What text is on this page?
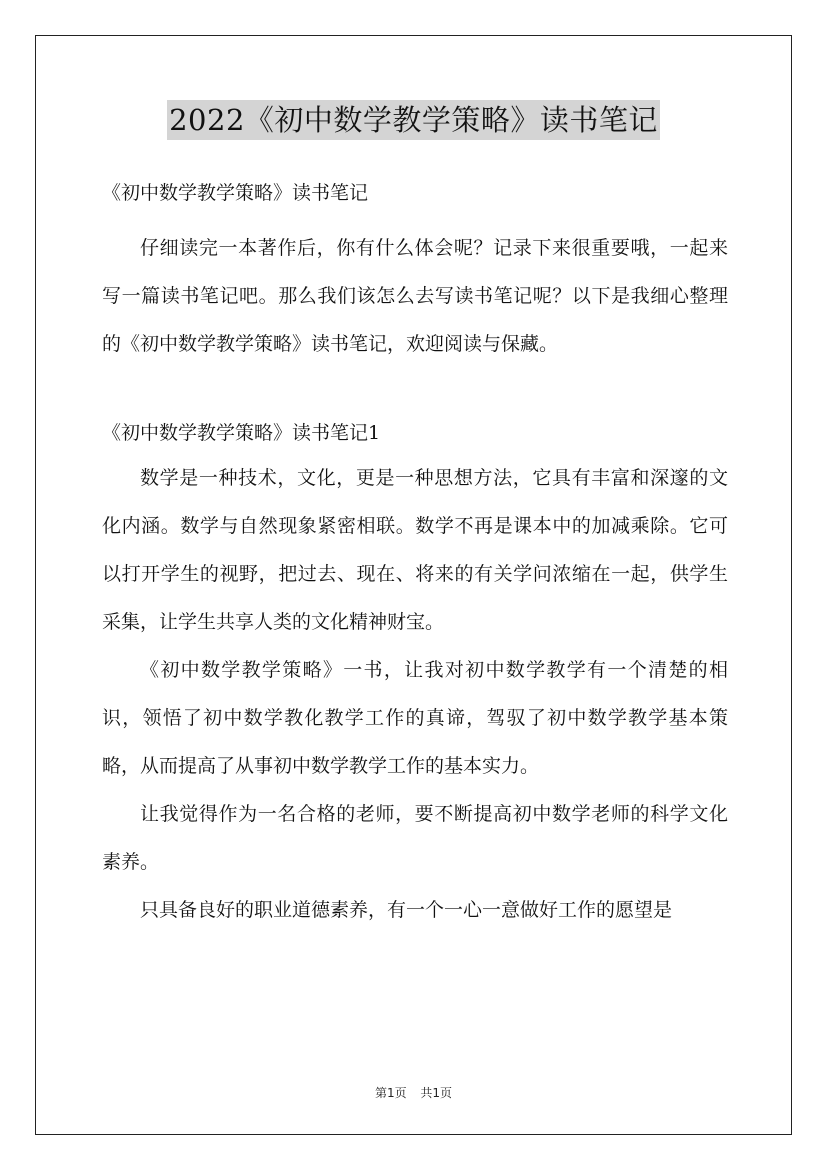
2022《初中数学教学策略》读书笔记

《初中数学教学策略》读书笔记

仔细读完一本著作后，你有什么体会呢？记录下来很重要哦，一起来写一篇读书笔记吧。那么我们该怎么去写读书笔记呢？以下是我细心整理的《初中数学教学策略》读书笔记，欢迎阅读与保藏。

《初中数学教学策略》读书笔记1

数学是一种技术，文化，更是一种思想方法，它具有丰富和深邃的文化内涵。数学与自然现象紧密相联。数学不再是课本中的加减乘除。它可以打开学生的视野，把过去、现在、将来的有关学问浓缩在一起，供学生采集，让学生共享人类的文化精神财宝。

《初中数学教学策略》一书，让我对初中数学教学有一个清楚的相识，领悟了初中数学教化教学工作的真谛，驾驭了初中数学教学基本策略，从而提高了从事初中数学教学工作的基本实力。

让我觉得作为一名合格的老师，要不断提高初中数学老师的科学文化素养。

只具备良好的职业道德素养，有一个一心一意做好工作的愿望是

第1页 共1页
